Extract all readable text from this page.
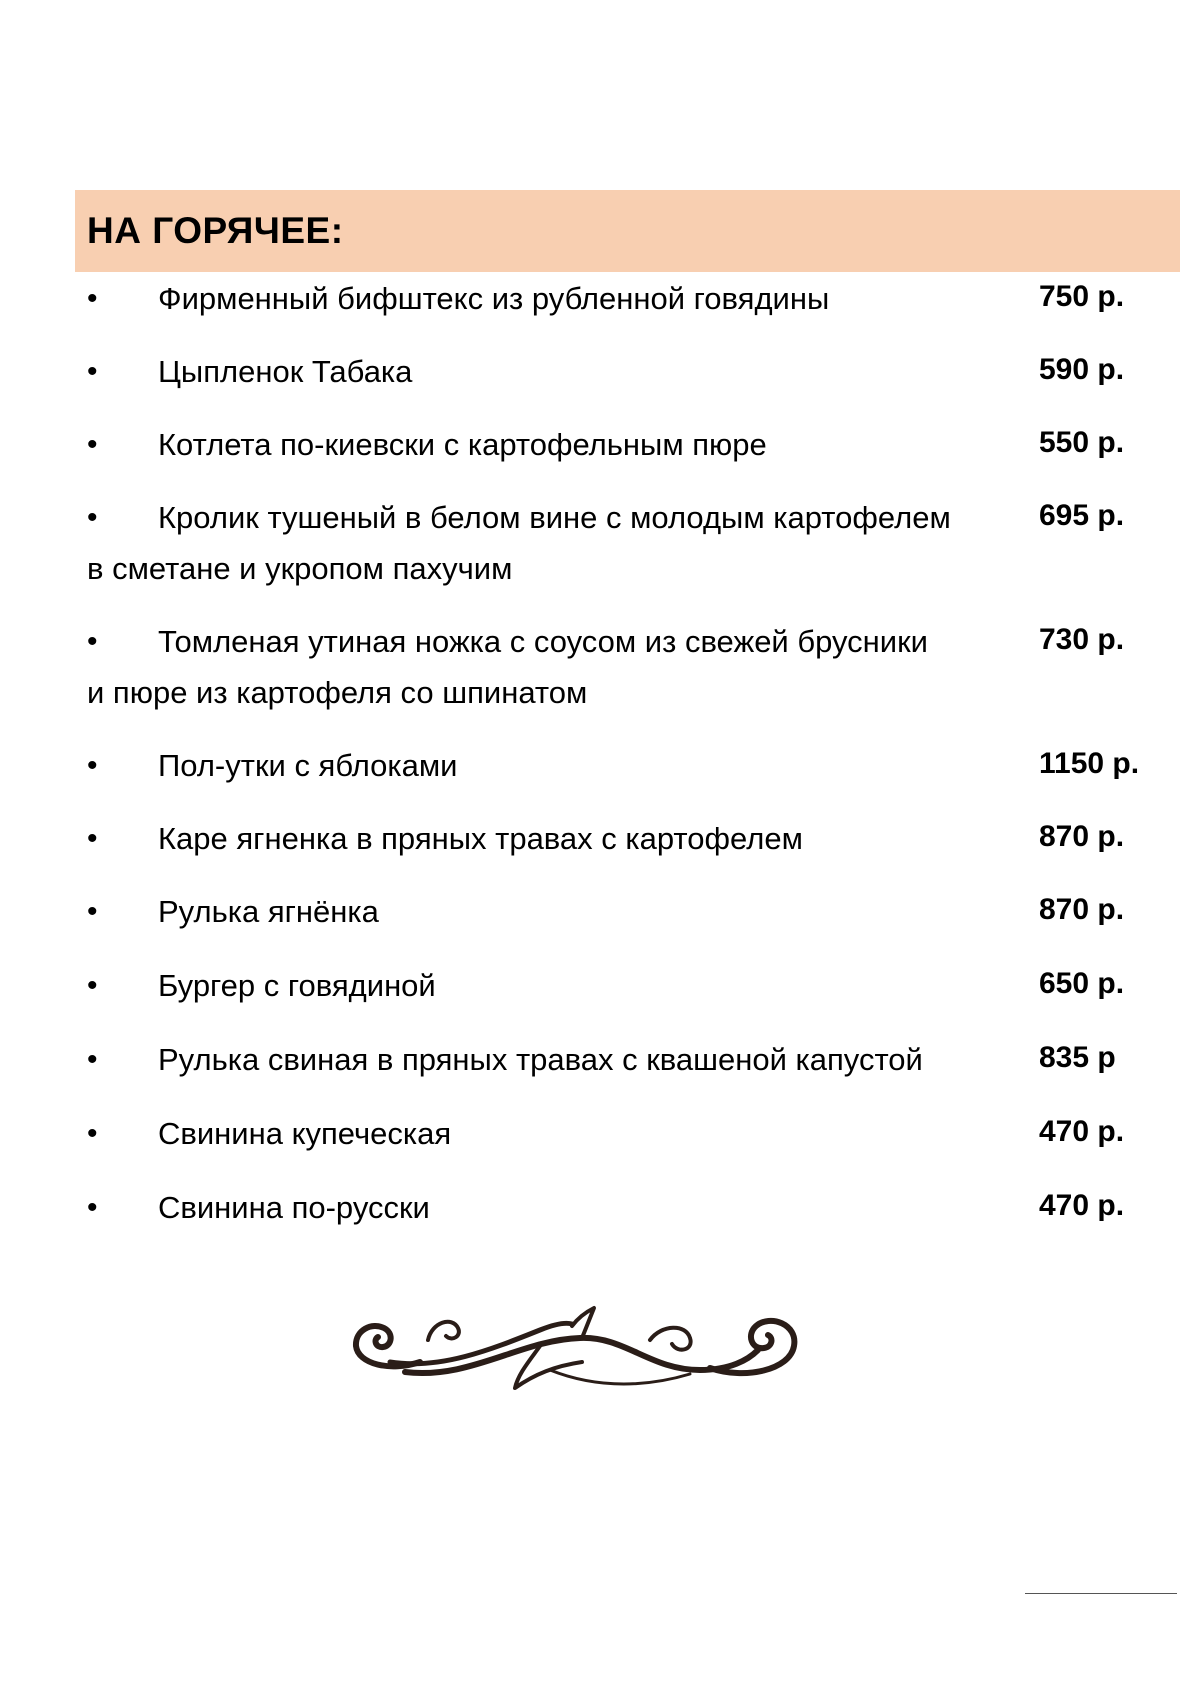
НА ГОРЯЧЕЕ:
• Фирменный бифштекс из рубленной говядины	750 р.
• Цыпленок Табака	590 р.
• Котлета по-киевски с картофельным пюре	550 р.
• Кролик тушеный в белом вине с молодым картофелем
в сметане и укропом пахучим
695 р.
• Томленая утиная ножка с соусом из свежей брусники
и пюре из картофеля со шпинатом
730 р.
• Пол-утки с яблоками	1150 р.
• Каре ягненка в пряных травах с картофелем	870 р.
• Рулька ягнёнка	870 р.
• Бургер с говядиной	650 р.
• Рулька свиная в пряных травах с квашеной капустой	835 р
• Свинина купеческая	470 р.
• Свинина по-русски	470 р.
